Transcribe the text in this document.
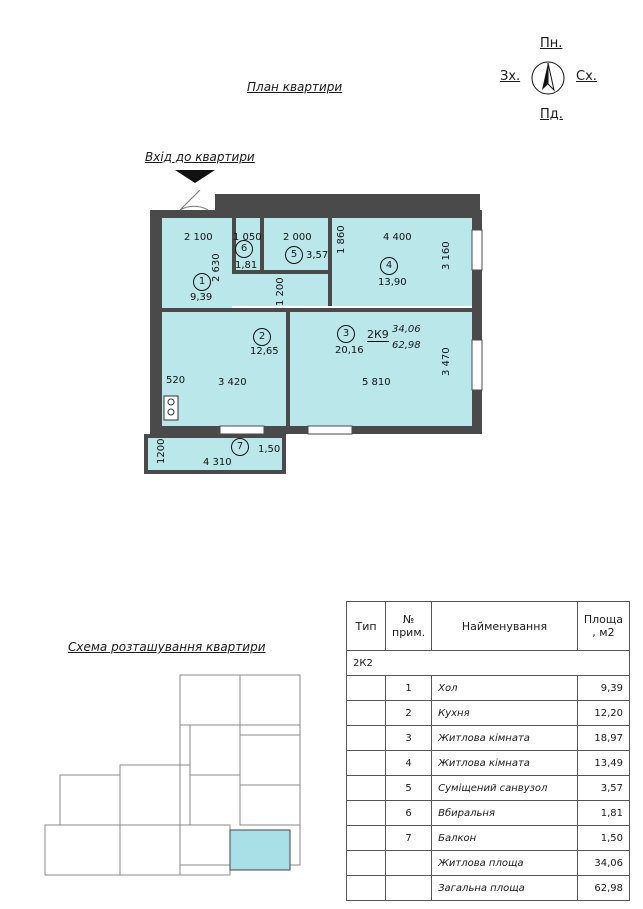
Пн.
Зх.	Сх.
Пд.
План квартири
Вхід до квартири
1
9,39
2
12,65
3
20,16
4
13,90
5 3,57
6
1,81
7	1,50
2 100 1 050 2 000 1 860	4 400
3 160
2 630
1 200
3 470
520	3 420	5 810
1200	4 310
2К9 34,06
62,98
Схема розташування квартири
Тип	№ прим.	Найменування	Площа , м2
2К2			
	1	Хол	9,39
	2	Кухня	12,20
	3	Житлова кімната	18,97
	4	Житлова кімната	13,49
	5	Суміщений санвузол	3,57
	6	Вбиральня	1,81
	7	Балкон	1,50
		Житлова площа	34,06
		Загальна площа	62,98
